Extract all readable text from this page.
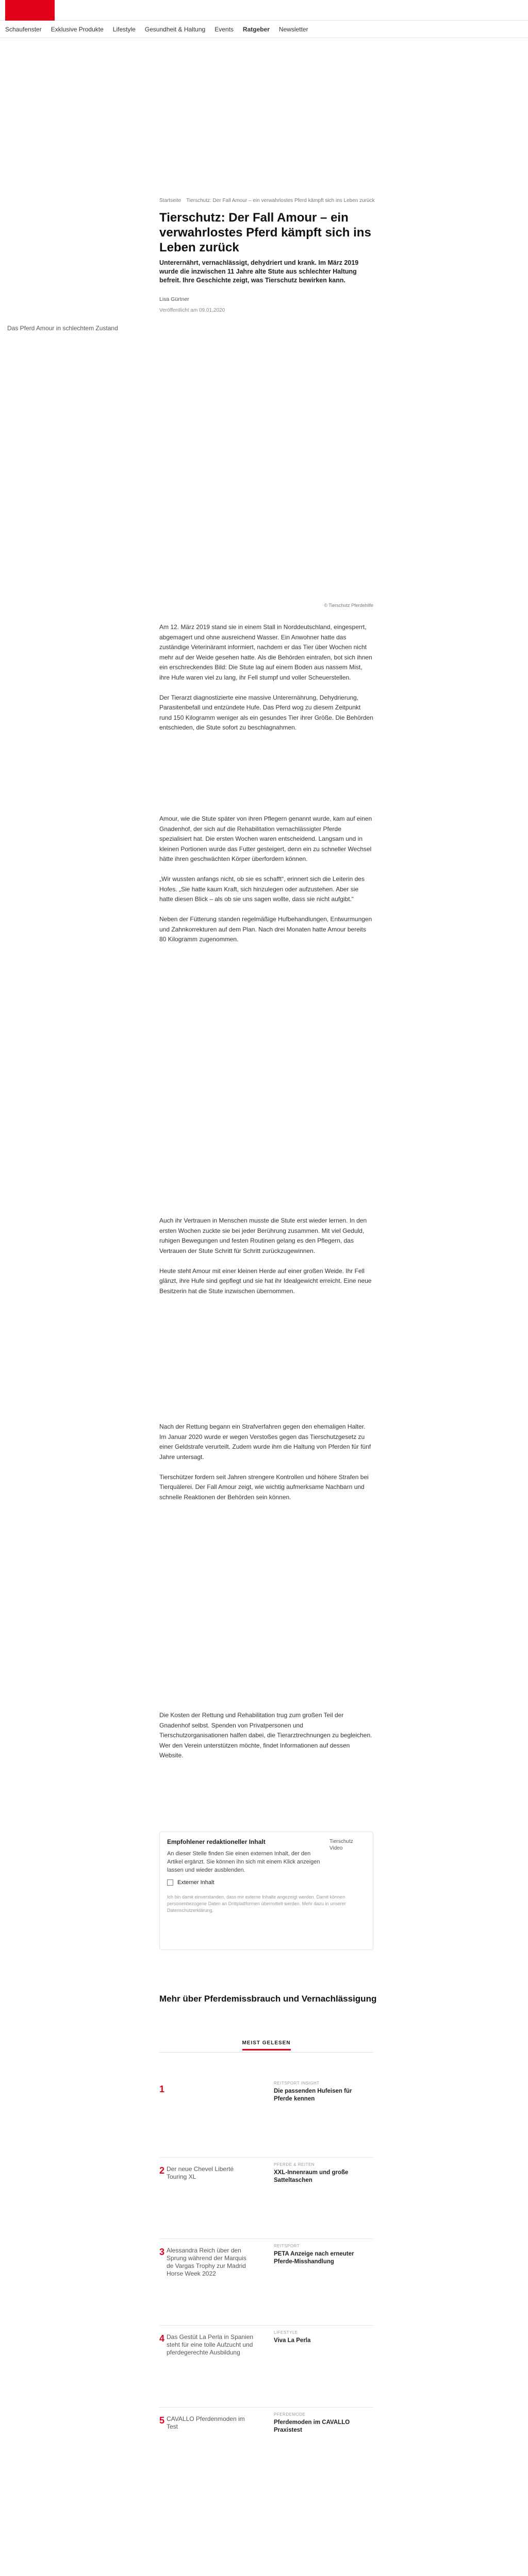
Schaufenster Exklusive Produkte Lifestyle Gesundheit & Haltung Events Ratgeber Newsletter
Startseite Tierschutz: Der Fall Amour – ein verwahrlostes Pferd kämpft sich ins Leben zurück
Tierschutz: Der Fall Amour – ein verwahrlostes Pferd kämpft sich ins Leben zurück

Unterernährt, vernachlässigt, dehydriert und krank. Im März 2019 wurde die inzwischen 11 Jahre alte Stute aus schlechter Haltung befreit. Ihre Geschichte zeigt, was Tierschutz bewirken kann.

Lisa Gürtner
Veröffentlicht am 09.01.2020
Das Pferd Amour in schlechtem Zustand
© Tierschutz Pferdehilfe
Am 12. März 2019 stand sie in einem Stall in Norddeutschland, eingesperrt, abgemagert und ohne ausreichend Wasser. Ein Anwohner hatte das zuständige Veterinäramt informiert, nachdem er das Tier über Wochen nicht mehr auf der Weide gesehen hatte. Als die Behörden eintrafen, bot sich ihnen ein erschreckendes Bild: Die Stute lag auf einem Boden aus nassem Mist, ihre Hufe waren viel zu lang, ihr Fell stumpf und voller Scheuerstellen.

Der Tierarzt diagnostizierte eine massive Unterernährung, Dehydrierung, Parasitenbefall und entzündete Hufe. Das Pferd wog zu diesem Zeitpunkt rund 150 Kilogramm weniger als ein gesundes Tier ihrer Größe. Die Behörden entschieden, die Stute sofort zu beschlagnahmen.
Amour, wie die Stute später von ihren Pflegern genannt wurde, kam auf einen Gnadenhof, der sich auf die Rehabilitation vernachlässigter Pferde spezialisiert hat. Die ersten Wochen waren entscheidend. Langsam und in kleinen Portionen wurde das Futter gesteigert, denn ein zu schneller Wechsel hätte ihren geschwächten Körper überfordern können.

„Wir wussten anfangs nicht, ob sie es schafft“, erinnert sich die Leiterin des Hofes. „Sie hatte kaum Kraft, sich hinzulegen oder aufzustehen. Aber sie hatte diesen Blick – als ob sie uns sagen wollte, dass sie nicht aufgibt.“

Neben der Fütterung standen regelmäßige Hufbehandlungen, Entwurmungen und Zahnkorrekturen auf dem Plan. Nach drei Monaten hatte Amour bereits 80 Kilogramm zugenommen.
Auch ihr Vertrauen in Menschen musste die Stute erst wieder lernen. In den ersten Wochen zuckte sie bei jeder Berührung zusammen. Mit viel Geduld, ruhigen Bewegungen und festen Routinen gelang es den Pflegern, das Vertrauen der Stute Schritt für Schritt zurückzugewinnen.

Heute steht Amour mit einer kleinen Herde auf einer großen Weide. Ihr Fell glänzt, ihre Hufe sind gepflegt und sie hat ihr Idealgewicht erreicht. Eine neue Besitzerin hat die Stute inzwischen übernommen.
Nach der Rettung begann ein Strafverfahren gegen den ehemaligen Halter. Im Januar 2020 wurde er wegen Verstoßes gegen das Tierschutzgesetz zu einer Geldstrafe verurteilt. Zudem wurde ihm die Haltung von Pferden für fünf Jahre untersagt.

Tierschützer fordern seit Jahren strengere Kontrollen und höhere Strafen bei Tierquälerei. Der Fall Amour zeigt, wie wichtig aufmerksame Nachbarn und schnelle Reaktionen der Behörden sein können.
Die Kosten der Rettung und Rehabilitation trug zum großen Teil der Gnadenhof selbst. Spenden von Privatpersonen und Tierschutzorganisationen halfen dabei, die Tierarztrechnungen zu begleichen. Wer den Verein unterstützen möchte, findet Informationen auf dessen Website.
Empfohlener redaktioneller Inhalt

An dieser Stelle finden Sie einen externen Inhalt, der den Artikel ergänzt. Sie können ihn sich mit einem Klick anzeigen lassen und wieder ausblenden.

Externer Inhalt
Ich bin damit einverstanden, dass mir externe Inhalte angezeigt werden. Damit können personenbezogene Daten an Drittplattformen übermittelt werden. Mehr dazu in unserer Datenschutzerklärung.
Tierschutz Video
Mehr über Pferdemissbrauch und Vernachlässigung
MEIST GELESEN
1
REITSPORT INSIGHT
Die passenden Hufeisen für Pferde kennen
2 Der neue Chevel Liberté Touring XL
PFERDE & REITEN
XXL-Innenraum und große Satteltaschen
3 Alessandra Reich über den Sprung während der Marquis de Vargas Trophy zur Madrid Horse Week 2022
REITSPORT
PETA Anzeige nach erneuter Pferde-Misshandlung
4 Das Gestüt La Perla in Spanien steht für eine tolle Aufzucht und pferdegerechte Ausbildung
LIFESTYLE
Viva La Perla
5 CAVALLO Pferdenmoden im Test
PFERDEMODE
Pferdemoden im CAVALLO Praxistest
